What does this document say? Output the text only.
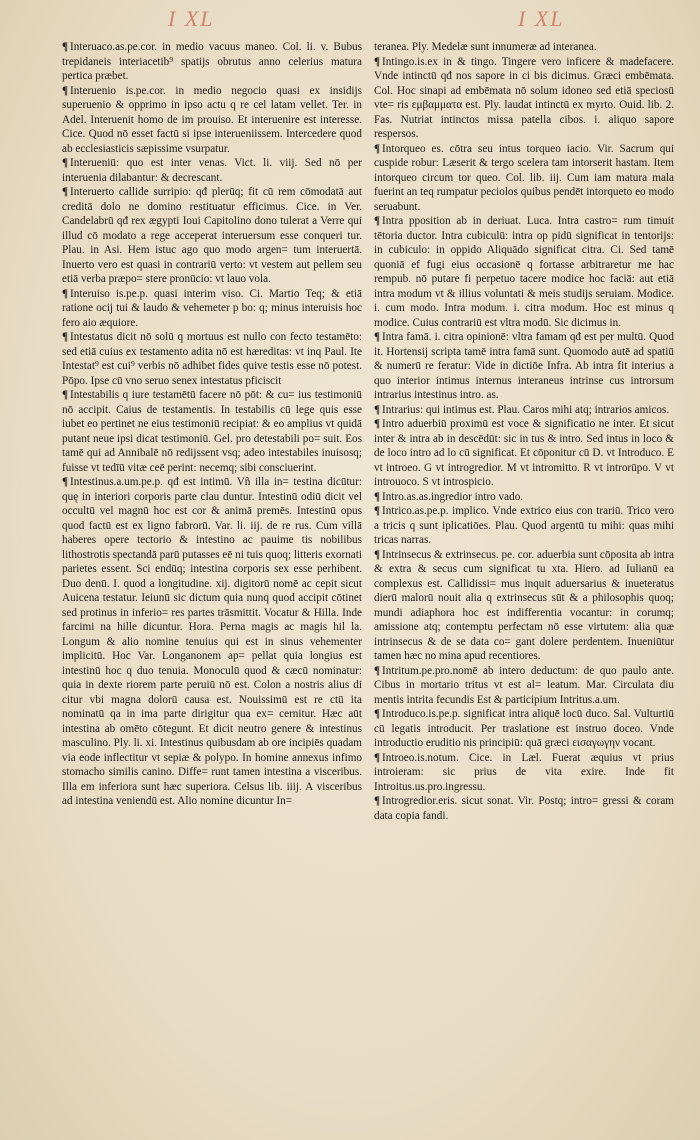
I XL	I XL

¶ Interuaco.as.pe.cor. in medio vacuus maneo. Col. li. v. Bubus trepidaneis interiacetib⁹ spatijs obrutus anno celerius matura pertica præbet.

¶ Interuenio is.pe.cor. in medio negocio quasi ex insidijs superuenio & opprimo in ipso actu q re cel latam vellet. Ter. in Adel. Interuenit homo de im prouiso. Et interuenire est interesse. Cice. Quod nō esset factū si ipse interueniissem. Intercedere quod ab ecclesiasticis sæpissime vsurpatur.

¶ Interueniū: quo est inter venas. Vict. li. viij. Sed nō per interuenia dilabantur: & decrescant.

¶ Interuerto callide surripio: qđ plerūq; fit cū rem cōmodatā aut creditā dolo ne domino restituatur efficimus. Cice. in Ver. Candelabrū qđ rex ægypti Ioui Capitolino dono tulerat a Verre qui illud cō modato a rege acceperat interuersum esse conqueri tur. Plau. in Asi. Hem istuc ago quo modo argen= tum interuertā. Inuerto vero est quasi in contrariū verto: vt vestem aut pellem seu etiā verba præpo= stere pronūcio: vt lauo vola.

¶ Interuiso is.pe.p. quasi interim viso. Ci. Martio Teq; & etiā ratione ocij tui & laudo & vehemeter p bo: q; minus interuisis hoc fero aio æquiore.

¶ Intestatus dicit nō solū q mortuus est nullo con fecto testamēto: sed etiā cuius ex testamento adita nō est hæreditas: vt inq Paul. Ite Intestat⁹ est cui⁹ verbis nō adhibet fides quive testis esse nō potest. Pōpo. Ipse cū vno seruo senex intestatus pficiscit

¶ Intestabilis q iure testamētū facere nō pōt: & cu= ius testimoniū nō accipit. Caius de testamentis. In testabilis cū lege quis esse iubet eo pertinet ne eius testimoniū recipiat: & eo amplius vt quidā putant neue ipsi dicat testimoniū. Gel. pro detestabili po= suit. Eos tamē qui ad Annibalē nō redijssent vsq; adeo intestabiles inuisosq; fuisse vt tedīū vitæ ceē perint: necemq; sibi consciuerint.

¶ Intestinus.a.um.pe.p. qđ est intimū. Vñ illa in= testina dicūtur: quę in interiori corporis parte clau duntur. Intestinū odiū dicit vel occultū vel magnū hoc est cor & animā premēs. Intestinū opus quod factū est ex ligno fabrorū. Var. li. iij. de re rus. Cum villā haberes opere tectorio & intestino ac pauime tis nobilibus lithostrotis spectandā parū putasses eē ni tuis quoq; litteris exornati parietes essent. Sci endūq; intestina corporis sex esse perhibent. Duo denū. I. quod a longitudine. xij. digitorū nomē ac cepit sicut Auicena testatur. Ieiunū sic dictum quia nunq quod accipit cōtinet sed protinus in inferio= res partes trāsmittit. Vocatur & Hilla. Inde farcimi na hille dicuntur. Hora. Perna magis ac magis hil la. Longum & alio nomine tenuius qui est in sinus vehementer implicitū. Hoc Var. Longanonem ap= pellat quia longius est intestinū hoc q duo tenuia. Monoculū quod & cæcū nominatur: quia in dexte riorem parte peruiū nō est. Colon a nostris alius di citur vbi magna dolorū causa est. Nouissimū est re ctū ita nominatū qa in ima parte dirigitur qua ex= cernitur. Hæc aūt intestina ab omēto cōtegunt. Et dicit neutro genere & intestinus masculino. Ply. li. xi. Intestinus quibusdam ab ore incipiēs quadam via eode inflectitur vt sepiæ & polypo. In homine annexus infimo stomacho similis canino. Diffe= runt tamen intestina a visceribus. Illa em inferiora sunt hæc superiora. Celsus lib. iiij. A visceribus ad intestina veniendū est. Alio nomine dicuntur In=

teranea. Ply. Medelæ sunt innumeræ ad interanea.

¶ Intingo.is.ex in & tingo. Tingere vero inficere & madefacere. Vnde intinctū qđ nos sapore in ci bis dicimus. Græci embēmata. Col. Hoc sinapi ad embēmata nō solum idoneo sed etiā speciosū vte= ris εμβαμματα est. Ply. laudat intinctū ex myrto. Ouid. lib. 2. Fas. Nutriat intinctos missa patella cibos. i. aliquo sapore respersos.

¶ Intorqueo es. cōtra seu intus torqueo iacio. Vir. Sacrum qui cuspide robur: Læserit & tergo scelera tam intorserit hastam. Item intorqueo circum tor queo. Col. lib. iij. Cum iam matura mala fuerint an teq rumpatur peciolos quibus pendēt intorqueto eo modo seruabunt.

¶ Intra pposition ab in deriuat. Luca. Intra castro= rum timuit tētoria ductor. Intra cubiculū: intra op pidū significat in tentorijs: in cubiculo: in oppido Aliquādo significat citra. Ci. Sed tamē quoniā ef fugi eius occasionē q fortasse arbitraretur me hac rempub. nō putare fi perpetuo tacere modice hoc faciā: aut etiā intra modum vt & illius voluntati & meis studijs seruiam. Modice. i. cum modo. Intra modum. i. citra modum. Hoc est minus q modice. Cuius contrariū est vltra modū. Sic dicimus in.

¶ Intra famā. i. citra opinionē: vltra famam qđ est per multū. Quod it. Hortensij scripta tamē intra famā sunt. Quomodo autē ad spatiū & numerū re feratur: Vide in dictiōe Infra. Ab intra fit interius a quo interior intimus internus interaneus intrinse cus introrsum intrarius intestinus intro. as.

¶ Intrarius: qui intimus est. Plau. Caros mihi atq; intrarios amicos.

¶ Intro aduerbiū proximū est voce & significatio ne inter. Et sicut inter & intra ab in descēdūt: sic in tus & intro. Sed intus in loco & de loco intro ad lo cū significat. Et cōponitur cū D. vt Introduco. E vt introeo. G vt introgredior. M vt intromitto. R vt introrūpo. V vt introuoco. S vt introspicio.

¶ Intro.as.as.ingredior intro vado.

¶ Intrico.as.pe.p. implico. Vnde extrico eius con trariū. Trico vero a tricis q sunt iplicatiōes. Plau. Quod argentū tu mihi: quas mihi tricas narras.

¶ Intrinsecus & extrinsecus. pe. cor. aduerbia sunt cōposita ab intra & extra & secus cum significat tu xta. Hiero. ad Iulianū ea complexus est. Callidissi= mus inquit aduersarius & inueteratus dierū malorū nouit alia q extrinsecus sūt & a philosophis quoq; mundi adiaphora hoc est indifferentia vocantur: in corumq; amissione atq; contemptu perfectam nō esse virtutem: alia quæ intrinsecus & de se data co= gant dolere perdentem. Inueniūtur tamen hæc no mina apud recentiores.

¶ Intritum.pe.pro.nomē ab intero deductum: de quo paulo ante. Cibus in mortario tritus vt est al= leatum. Mar. Circulata diu mentis intrita fecundis Est & participium Intritus.a.um.

¶ Introduco.is.pe.p. significat intra aliquē locū duco. Sal. Vulturtiū cū legatis introducit. Per traslatione est instruo doceo. Vnde introductio eruditio nis principiū: quā græci εισαγωγην vocant.

¶ Introeo.is.notum. Cice. in Læl. Fuerat æquius vt prius introieram: sic prius de vita exire. Inde fit Introitus.us.pro.ingressu.

¶ Introgredior.eris. sicut sonat. Vir. Postq; intro= gressi & coram data copia fandi.
